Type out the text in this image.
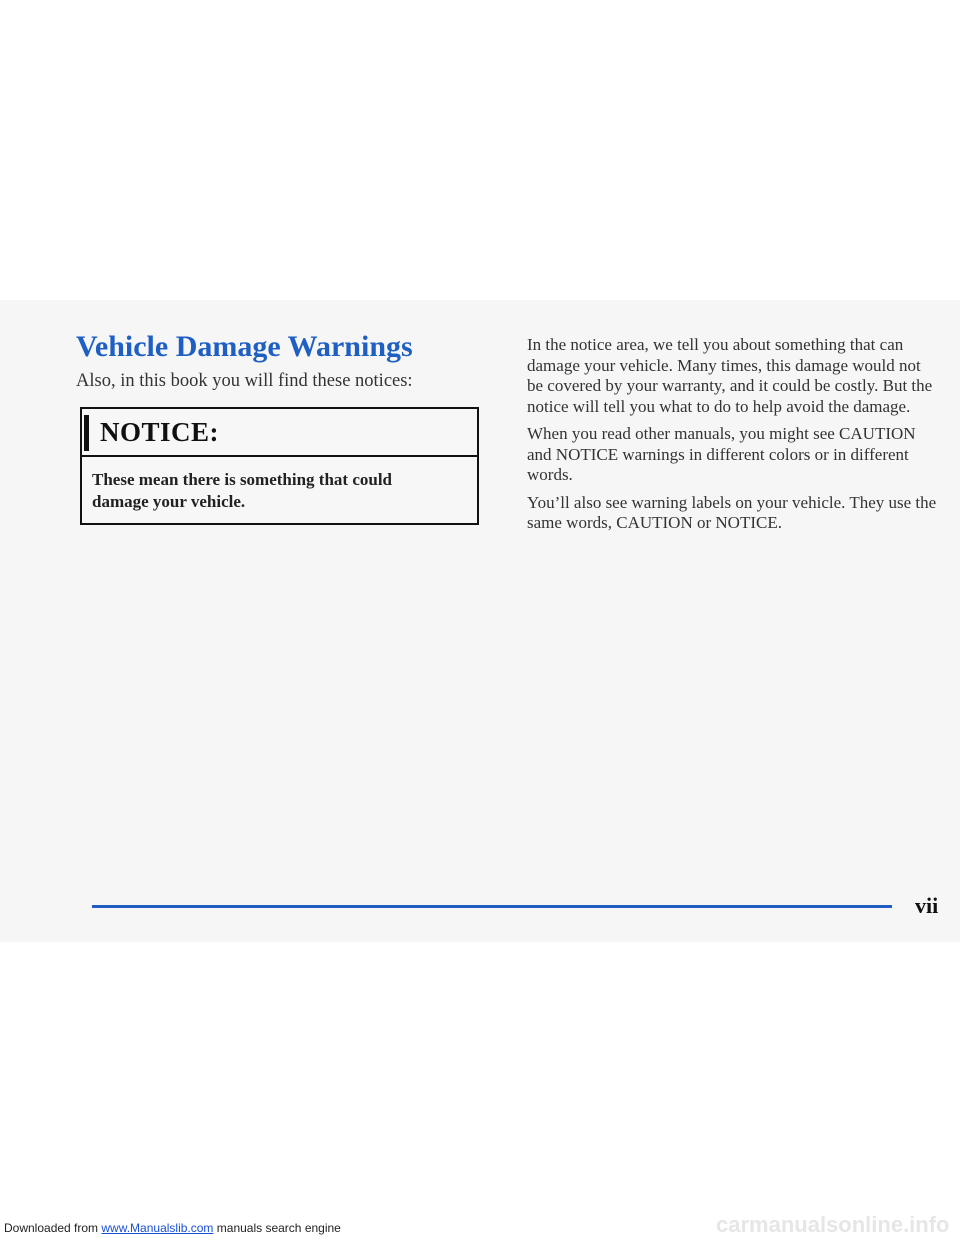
Vehicle Damage Warnings

Also, in this book you will find these notices:

NOTICE:
These mean there is something that could damage your vehicle.

In the notice area, we tell you about something that can damage your vehicle. Many times, this damage would not be covered by your warranty, and it could be costly. But the notice will tell you what to do to help avoid the damage.

When you read other manuals, you might see CAUTION and NOTICE warnings in different colors or in different words.

You’ll also see warning labels on your vehicle. They use the same words, CAUTION or NOTICE.

vii
Downloaded from www.Manualslib.com manuals search engine	carmanualsonline.info
